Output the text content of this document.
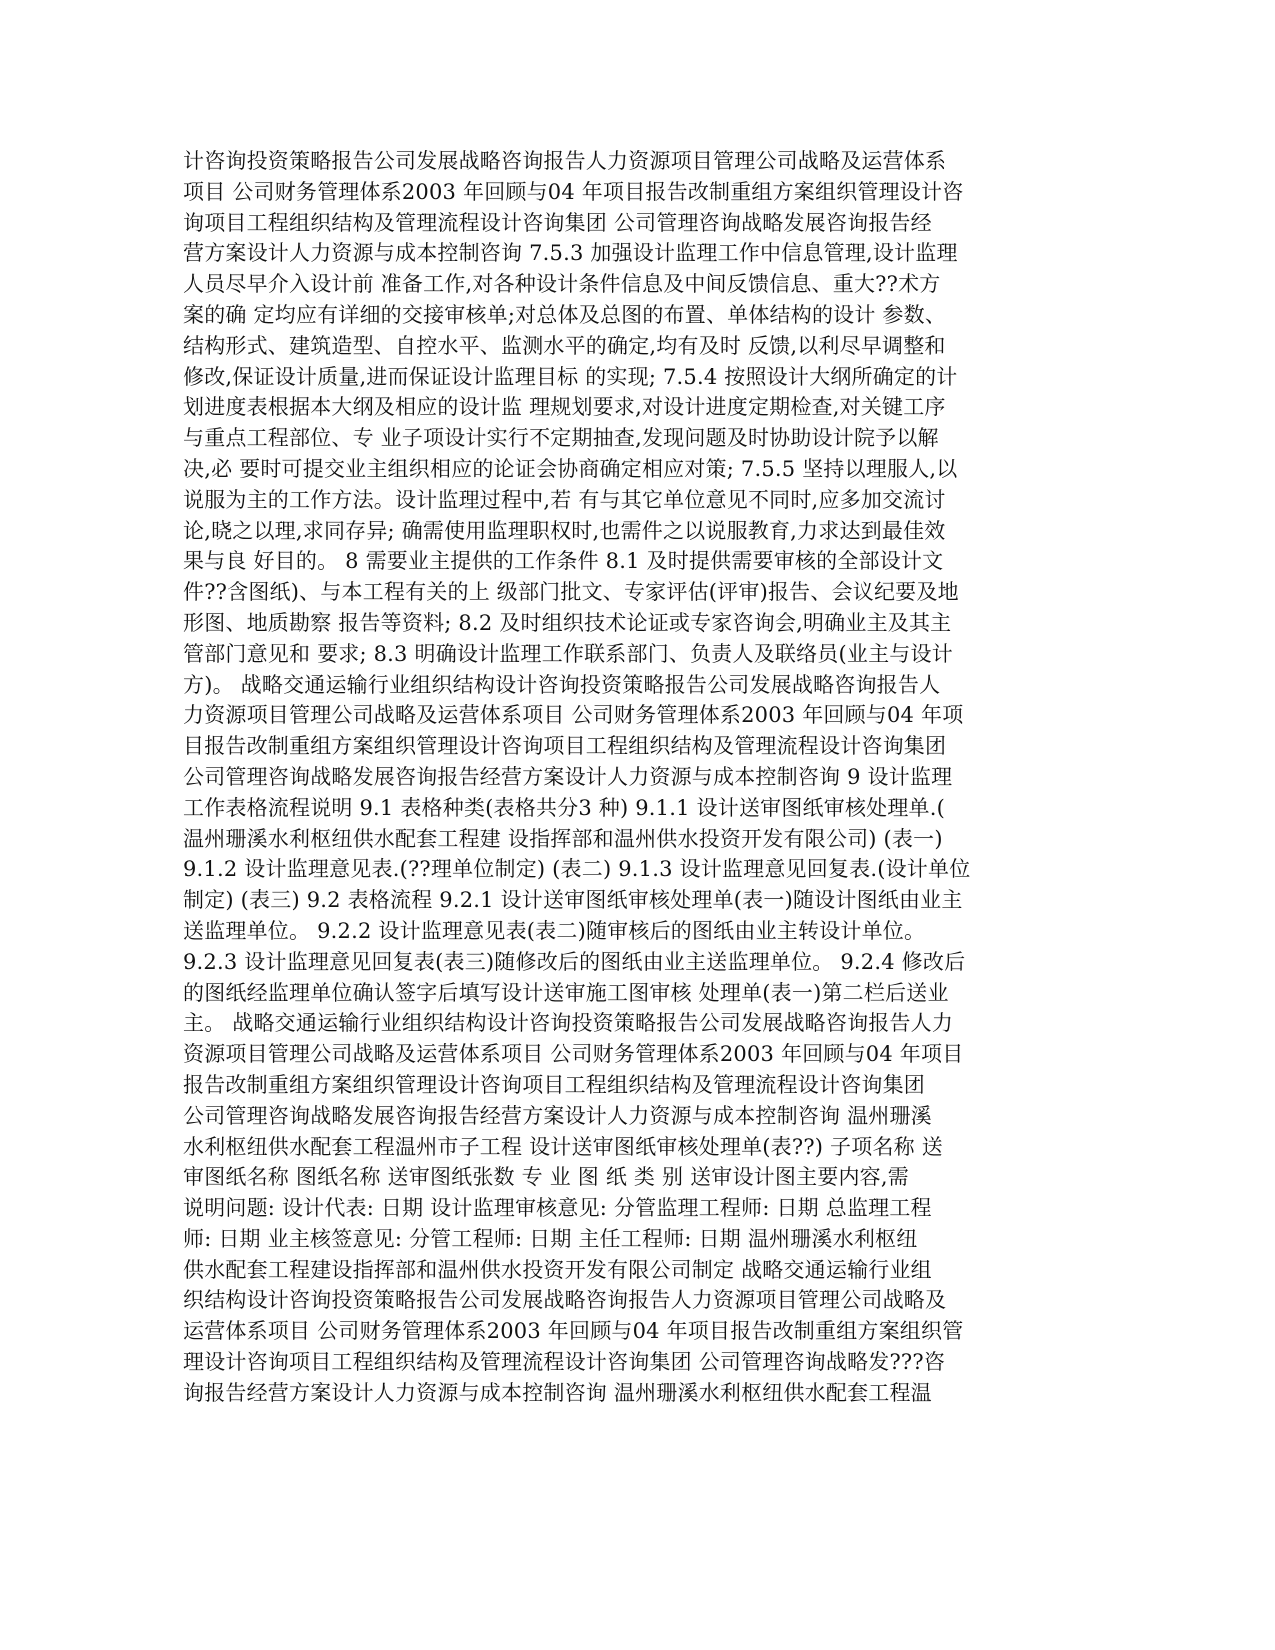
计咨询投资策略报告公司发展战略咨询报告人力资源项目管理公司战略及运营体系
项目 公司财务管理体系2003 年回顾与04 年项目报告改制重组方案组织管理设计咨
询项目工程组织结构及管理流程设计咨询集团 公司管理咨询战略发展咨询报告经
营方案设计人力资源与成本控制咨询 7.5.3 加强设计监理工作中信息管理,设计监理
人员尽早介入设计前 准备工作,对各种设计条件信息及中间反馈信息、重大??术方
案的确 定均应有详细的交接审核单;对总体及总图的布置、单体结构的设计 参数、
结构形式、建筑造型、自控水平、监测水平的确定,均有及时 反馈,以利尽早调整和
修改,保证设计质量,进而保证设计监理目标 的实现; 7.5.4 按照设计大纲所确定的计
划进度表根据本大纲及相应的设计监 理规划要求,对设计进度定期检查,对关键工序
与重点工程部位、专 业子项设计实行不定期抽查,发现问题及时协助设计院予以解
决,必 要时可提交业主组织相应的论证会协商确定相应对策; 7.5.5 坚持以理服人,以
说服为主的工作方法。设计监理过程中,若 有与其它单位意见不同时,应多加交流讨
论,晓之以理,求同存异; 确需使用监理职权时,也需件之以说服教育,力求达到最佳效
果与良 好目的。 8 需要业主提供的工作条件 8.1 及时提供需要审核的全部设计文
件??含图纸)、与本工程有关的上 级部门批文、专家评估(评审)报告、会议纪要及地
形图、地质勘察 报告等资料; 8.2 及时组织技术论证或专家咨询会,明确业主及其主
管部门意见和 要求; 8.3 明确设计监理工作联系部门、负责人及联络员(业主与设计
方)。 战略交通运输行业组织结构设计咨询投资策略报告公司发展战略咨询报告人
力资源项目管理公司战略及运营体系项目 公司财务管理体系2003 年回顾与04 年项
目报告改制重组方案组织管理设计咨询项目工程组织结构及管理流程设计咨询集团
公司管理咨询战略发展咨询报告经营方案设计人力资源与成本控制咨询 9 设计监理
工作表格流程说明 9.1 表格种类(表格共分3 种) 9.1.1 设计送审图纸审核处理单.(
温州珊溪水利枢纽供水配套工程建 设指挥部和温州供水投资开发有限公司) (表一)
9.1.2 设计监理意见表.(??理单位制定) (表二) 9.1.3 设计监理意见回复表.(设计单位
制定) (表三) 9.2 表格流程 9.2.1 设计送审图纸审核处理单(表一)随设计图纸由业主
送监理单位。 9.2.2 设计监理意见表(表二)随审核后的图纸由业主转设计单位。
9.2.3 设计监理意见回复表(表三)随修改后的图纸由业主送监理单位。 9.2.4 修改后
的图纸经监理单位确认签字后填写设计送审施工图审核 处理单(表一)第二栏后送业
主。 战略交通运输行业组织结构设计咨询投资策略报告公司发展战略咨询报告人力
资源项目管理公司战略及运营体系项目 公司财务管理体系2003 年回顾与04 年项目
报告改制重组方案组织管理设计咨询项目工程组织结构及管理流程设计咨询集团
公司管理咨询战略发展咨询报告经营方案设计人力资源与成本控制咨询 温州珊溪
水利枢纽供水配套工程温州市子工程 设计送审图纸审核处理单(表??) 子项名称 送
审图纸名称 图纸名称 送审图纸张数 专 业 图 纸 类 别 送审设计图主要内容,需
说明问题: 设计代表: 日期 设计监理审核意见: 分管监理工程师: 日期 总监理工程
师: 日期 业主核签意见: 分管工程师: 日期 主任工程师: 日期 温州珊溪水利枢纽
供水配套工程建设指挥部和温州供水投资开发有限公司制定 战略交通运输行业组
织结构设计咨询投资策略报告公司发展战略咨询报告人力资源项目管理公司战略及
运营体系项目 公司财务管理体系2003 年回顾与04 年项目报告改制重组方案组织管
理设计咨询项目工程组织结构及管理流程设计咨询集团 公司管理咨询战略发???咨
询报告经营方案设计人力资源与成本控制咨询 温州珊溪水利枢纽供水配套工程温
